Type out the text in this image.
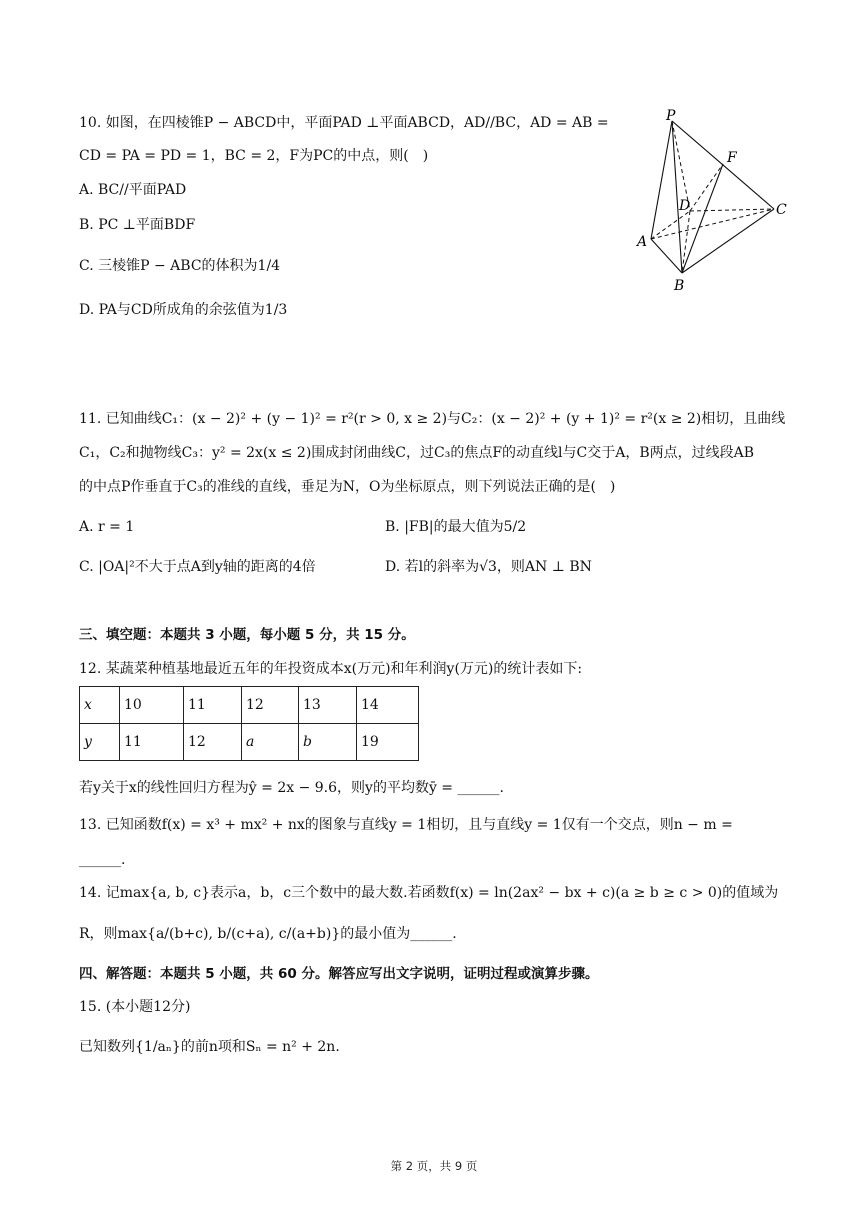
10. 如图，在四棱锥P − ABCD中，平面PAD ⊥平面ABCD，AD//BC，AD = AB =
CD = PA = PD = 1，BC = 2，F为PC的中点，则(　)
A. BC//平面PAD
B. PC ⊥平面BDF
C. 三棱锥P − ABC的体积为1/4
D. PA与CD所成角的余弦值为1/3
P
F
D	C
A
B
11. 已知曲线C₁：(x − 2)² + (y − 1)² = r²(r > 0, x ≥ 2)与C₂：(x − 2)² + (y + 1)² = r²(x ≥ 2)相切，且曲线
C₁，C₂和抛物线C₃：y² = 2x(x ≤ 2)围成封闭曲线C，过C₃的焦点F的动直线l与C交于A，B两点，过线段AB
的中点P作垂直于C₃的准线的直线，垂足为N，O为坐标原点，则下列说法正确的是(　)
A. r = 1	B. |FB|的最大值为5/2
C. |OA|²不大于点A到y轴的距离的4倍	D. 若l的斜率为√3，则AN ⊥ BN
三、填空题：本题共 3 小题，每小题 5 分，共 15 分。
12. 某蔬菜种植基地最近五年的年投资成本x(万元)和年利润y(万元)的统计表如下:
x	10	11	12	13	14
y	11	12	a	b	19
若y关于x的线性回归方程为ŷ = 2x − 9.6，则y的平均数ȳ = ______.
13. 已知函数f(x) = x³ + mx² + nx的图象与直线y = 1相切，且与直线y = 1仅有一个交点，则n − m =
______.
14. 记max{a, b, c}表示a，b，c三个数中的最大数.若函数f(x) = ln(2ax² − bx + c)(a ≥ b ≥ c > 0)的值域为
R，则max{a/(b+c), b/(c+a), c/(a+b)}的最小值为______.
四、解答题：本题共 5 小题，共 60 分。解答应写出文字说明，证明过程或演算步骤。
15. (本小题12分)
已知数列{1/aₙ}的前n项和Sₙ = n² + 2n.
第 2 页，共 9 页
